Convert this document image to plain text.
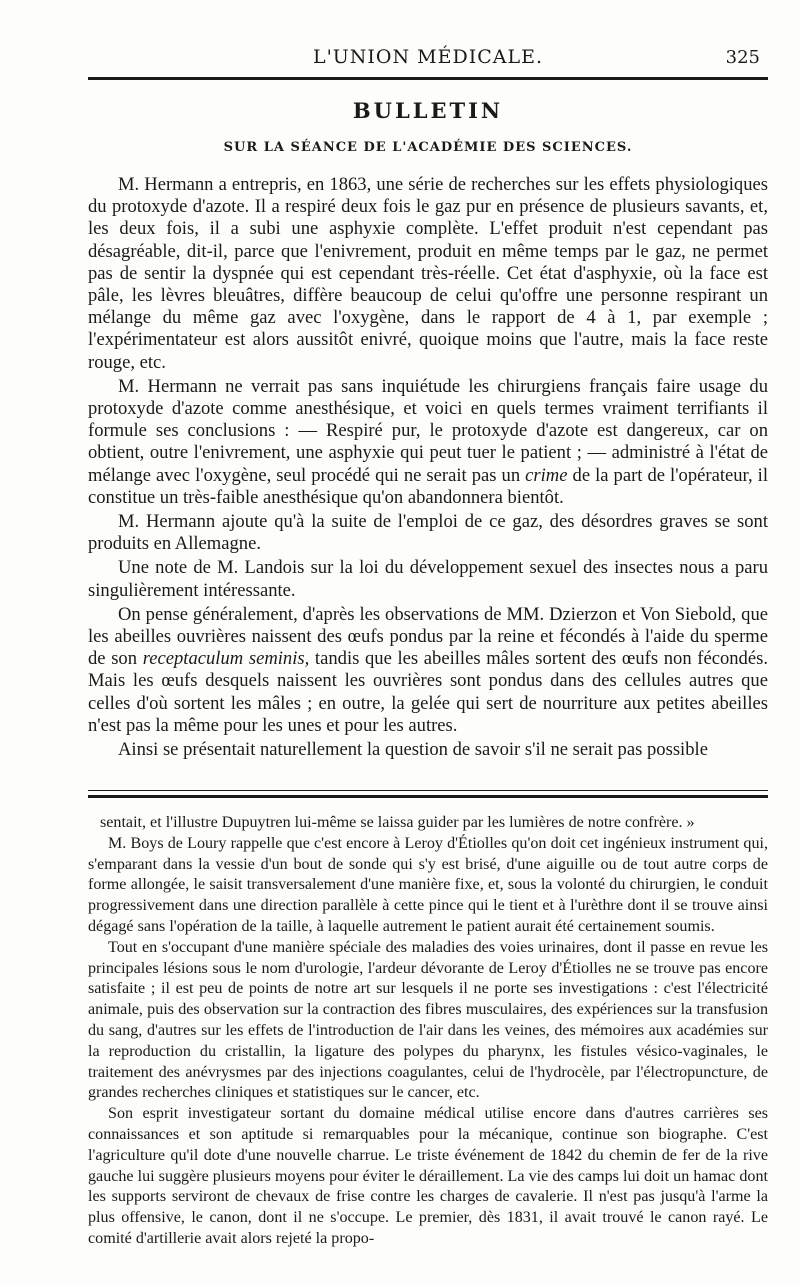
L'UNION MÉDICALE.	325
BULLETIN
SUR LA SÉANCE DE L'ACADÉMIE DES SCIENCES.

M. Hermann a entrepris, en 1863, une série de recherches sur les effets physiologiques du protoxyde d'azote. Il a respiré deux fois le gaz pur en présence de plusieurs savants, et, les deux fois, il a subi une asphyxie complète. L'effet produit n'est cependant pas désagréable, dit-il, parce que l'enivrement, produit en même temps par le gaz, ne permet pas de sentir la dyspnée qui est cependant très-réelle. Cet état d'asphyxie, où la face est pâle, les lèvres bleuâtres, diffère beaucoup de celui qu'offre une personne respirant un mélange du même gaz avec l'oxygène, dans le rapport de 4 à 1, par exemple ; l'expérimentateur est alors aussitôt enivré, quoique moins que l'autre, mais la face reste rouge, etc.

M. Hermann ne verrait pas sans inquiétude les chirurgiens français faire usage du protoxyde d'azote comme anesthésique, et voici en quels termes vraiment terrifiants il formule ses conclusions : — Respiré pur, le protoxyde d'azote est dangereux, car on obtient, outre l'enivrement, une asphyxie qui peut tuer le patient ; — administré à l'état de mélange avec l'oxygène, seul procédé qui ne serait pas un crime de la part de l'opérateur, il constitue un très-faible anesthésique qu'on abandonnera bientôt.

M. Hermann ajoute qu'à la suite de l'emploi de ce gaz, des désordres graves se sont produits en Allemagne.

Une note de M. Landois sur la loi du développement sexuel des insectes nous a paru singulièrement intéressante.

On pense généralement, d'après les observations de MM. Dzierzon et Von Siebold, que les abeilles ouvrières naissent des œufs pondus par la reine et fécondés à l'aide du sperme de son receptaculum seminis, tandis que les abeilles mâles sortent des œufs non fécondés. Mais les œufs desquels naissent les ouvrières sont pondus dans des cellules autres que celles d'où sortent les mâles ; en outre, la gelée qui sert de nourriture aux petites abeilles n'est pas la même pour les unes et pour les autres.

Ainsi se présentait naturellement la question de savoir s'il ne serait pas possible

sentait, et l'illustre Dupuytren lui-même se laissa guider par les lumières de notre confrère. »

M. Boys de Loury rappelle que c'est encore à Leroy d'Étiolles qu'on doit cet ingénieux instrument qui, s'emparant dans la vessie d'un bout de sonde qui s'y est brisé, d'une aiguille ou de tout autre corps de forme allongée, le saisit transversalement d'une manière fixe, et, sous la volonté du chirurgien, le conduit progressivement dans une direction parallèle à cette pince qui le tient et à l'urèthre dont il se trouve ainsi dégagé sans l'opération de la taille, à laquelle autrement le patient aurait été certainement soumis.

Tout en s'occupant d'une manière spéciale des maladies des voies urinaires, dont il passe en revue les principales lésions sous le nom d'urologie, l'ardeur dévorante de Leroy d'Étiolles ne se trouve pas encore satisfaite ; il est peu de points de notre art sur lesquels il ne porte ses investigations : c'est l'électricité animale, puis des observation sur la contraction des fibres musculaires, des expériences sur la transfusion du sang, d'autres sur les effets de l'introduction de l'air dans les veines, des mémoires aux académies sur la reproduction du cristallin, la ligature des polypes du pharynx, les fistules vésico-vaginales, le traitement des anévrysmes par des injections coagulantes, celui de l'hydrocèle, par l'électropuncture, de grandes recherches cliniques et statistiques sur le cancer, etc.

Son esprit investigateur sortant du domaine médical utilise encore dans d'autres carrières ses connaissances et son aptitude si remarquables pour la mécanique, continue son biographe. C'est l'agriculture qu'il dote d'une nouvelle charrue. Le triste événement de 1842 du chemin de fer de la rive gauche lui suggère plusieurs moyens pour éviter le déraillement. La vie des camps lui doit un hamac dont les supports serviront de chevaux de frise contre les charges de cavalerie. Il n'est pas jusqu'à l'arme la plus offensive, le canon, dont il ne s'occupe. Le premier, dès 1831, il avait trouvé le canon rayé. Le comité d'artillerie avait alors rejeté la propo-
